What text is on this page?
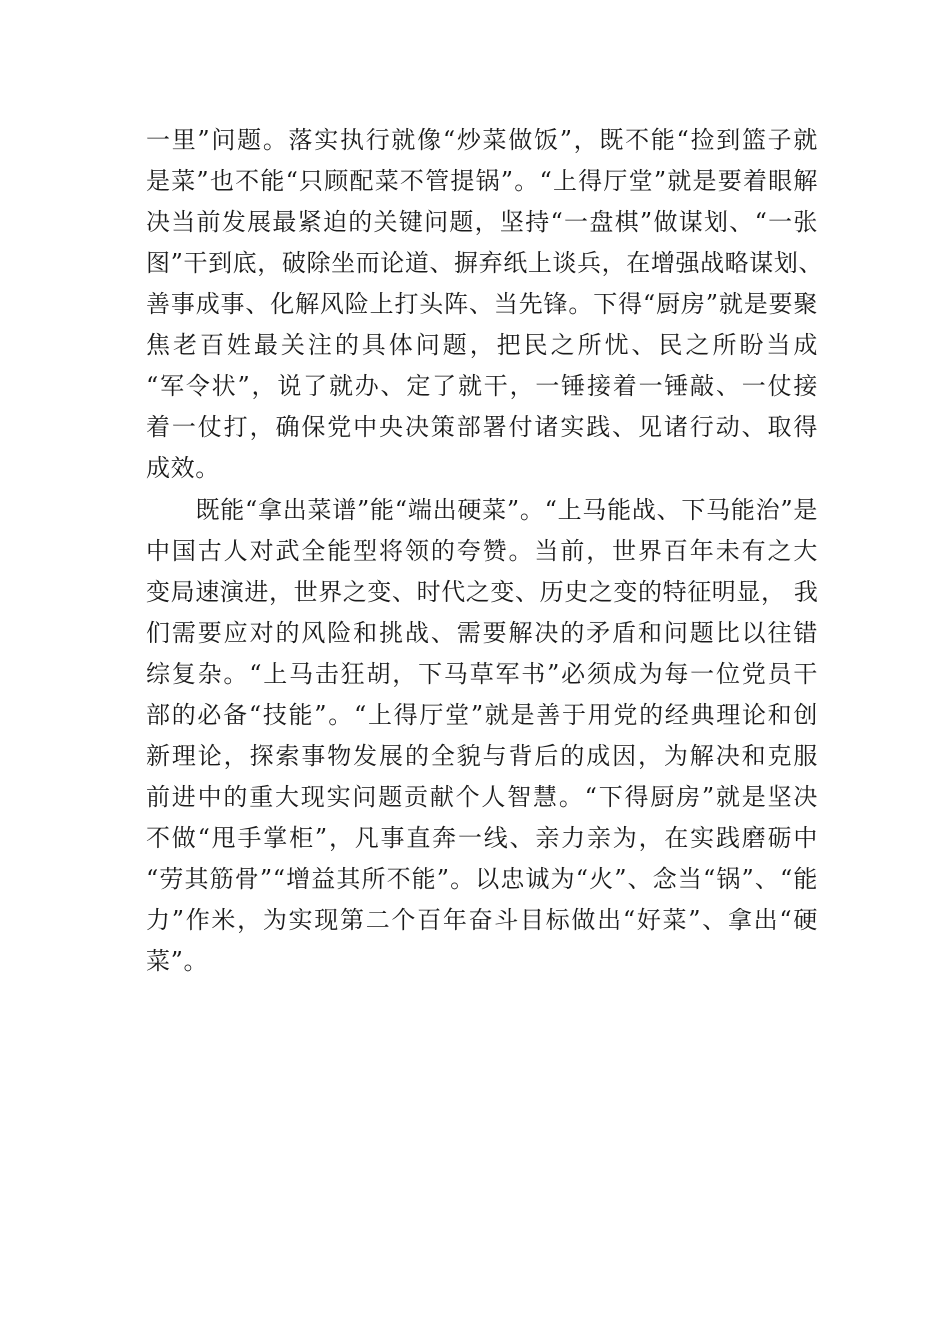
一里”问题。落实执行就像“炒菜做饭”，既不能“捡到篮子就
是菜”也不能“只顾配菜不管提锅”。“上得厅堂”就是要着眼解
决当前发展最紧迫的关键问题，坚持“一盘棋”做谋划、“一张
图”干到底，破除坐而论道、摒弃纸上谈兵，在增强战略谋划、
善事成事、化解风险上打头阵、当先锋。下得“厨房”就是要聚
焦老百姓最关注的具体问题，把民之所忧、民之所盼当成
“军令状”，说了就办、定了就干，一锤接着一锤敲、一仗接
着一仗打，确保党中央决策部署付诸实践、见诸行动、取得
成效。
　　既能“拿出菜谱”能“端出硬菜”。“上马能战、下马能治”是
中国古人对武全能型将领的夸赞。当前，世界百年未有之大
变局速演进，世界之变、时代之变、历史之变的特征明显， 我
们需要应对的风险和挑战、需要解决的矛盾和问题比以往错
综复杂。“上马击狂胡，下马草军书”必须成为每一位党员干
部的必备“技能”。“上得厅堂”就是善于用党的经典理论和创
新理论，探索事物发展的全貌与背后的成因，为解决和克服
前进中的重大现实问题贡献个人智慧。“下得厨房”就是坚决
不做“甩手掌柜”，凡事直奔一线、亲力亲为，在实践磨砺中
“劳其筋骨”“增益其所不能”。以忠诚为“火”、念当“锅”、“能
力”作米，为实现第二个百年奋斗目标做出“好菜”、拿出“硬
菜”。
